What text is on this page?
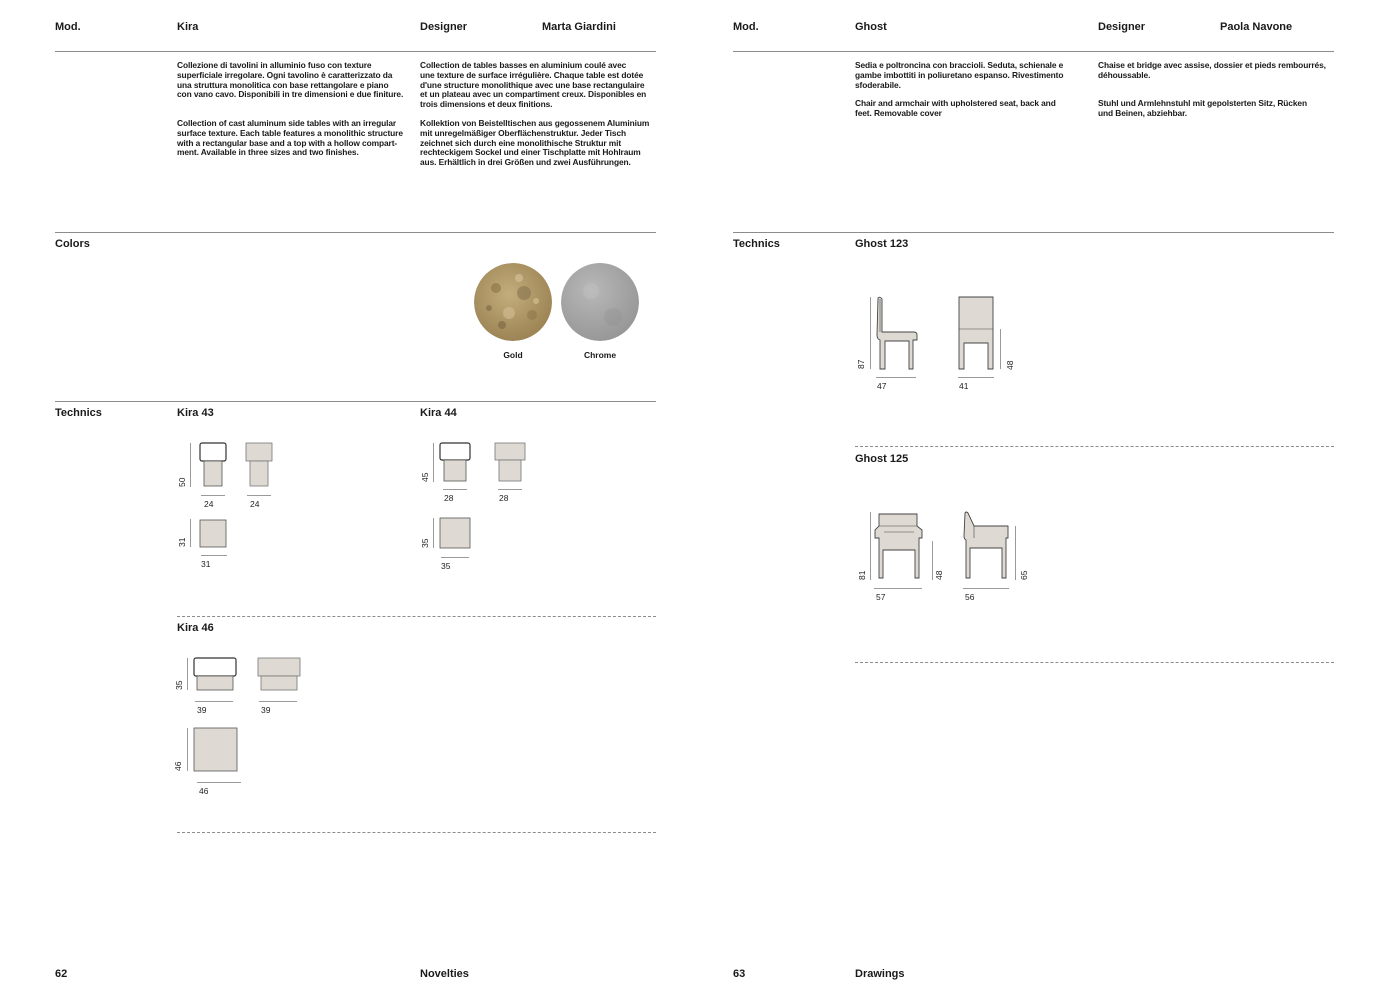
Mod.	Kira	Designer	Marta Giardini
Collezione di tavolini in alluminio fuso con texture
superficiale irregolare. Ogni tavolino è caratterizzato da
una struttura monolitica con base rettangolare e piano
con vano cavo. Disponibili in tre dimensioni e due finiture.
Collection of cast aluminum side tables with an irregular
surface texture. Each table features a monolithic structure
with a rectangular base and a top with a hollow compart-
ment. Available in three sizes and two finishes.
Collection de tables basses en aluminium coulé avec
une texture de surface irrégulière. Chaque table est dotée
d'une structure monolithique avec une base rectangulaire
et un plateau avec un compartiment creux. Disponibles en
trois dimensions et deux finitions.
Kollektion von Beistelltischen aus gegossenem Aluminium
mit unregelmäßiger Oberflächenstruktur. Jeder Tisch
zeichnet sich durch eine monolithische Struktur mit
rechteckigem Sockel und einer Tischplatte mit Hohlraum
aus. Erhältlich in drei Größen und zwei Ausführungen.
Colors
Gold	Chrome
Technics	Kira 43
50
24	24
31
31
Kira 44
45
28	28
35
35
Kira 46
35
39	39
46
46
62	Novelties
Mod.	Ghost	Designer	Paola Navone
Sedia e poltroncina con braccioli. Seduta, schienale e
gambe imbottiti in poliuretano espanso. Rivestimento
sfoderabile.
Chair and armchair with upholstered seat, back and
feet. Removable cover
Chaise et bridge avec assise, dossier et pieds rembourrés,
déhoussable.
Stuhl und Armlehnstuhl mit gepolsterten Sitz, Rücken
und Beinen, abziehbar.
Technics	Ghost 123
87	48
47	41
Ghost 125
81	48	65
57	56
63	Drawings
